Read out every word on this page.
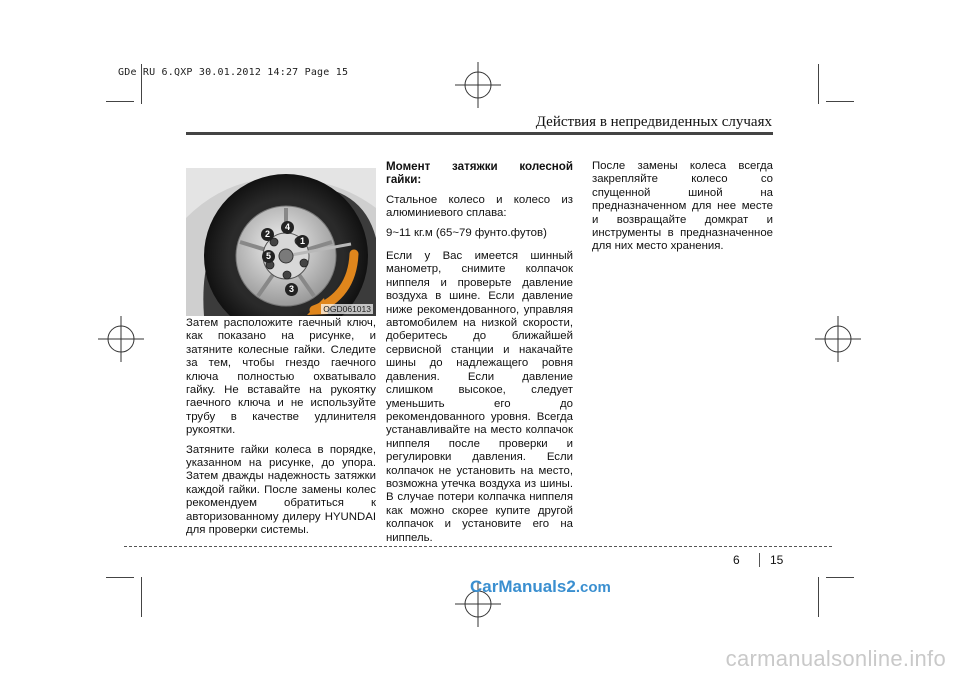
GDe RU 6.QXP 30.01.2012 14:27 Page 15
Действия в непредвиденных случаях
1
2
3
4
5
OGD061013

Затем расположите гаечный ключ, как показано на рисунке, и затяните колесные гайки. Следите за тем, чтобы гнездо гаечного ключа полностью охватывало гайку. Не вставайте на рукоятку гаечного ключа и не используйте трубу в качестве удлинителя рукоятки.

Затяните гайки колеса в порядке, указанном на рисунке, до упора. Затем дважды надежность затяжки каждой гайки. После замены колес рекомендуем обратиться к авторизованному дилеру HYUNDAI для проверки системы.

Момент затяжки колесной гайки:

Стальное колесо и колесо из алюминиевого сплава:

9~11 кг.м (65~79 фунто.футов)

Если у Вас имеется шинный манометр, снимите колпачок ниппеля и проверьте давление воздуха в шине. Если давление ниже рекомендованного, управляя автомобилем на низкой скорости, доберитесь до ближайшей сервисной станции и накачайте шины до надлежащего ровня давления. Если давление слишком высокое, следует уменьшить его до рекомендованного уровня. Всегда устанавливайте на место колпачок ниппеля после проверки и регулировки давления. Если колпачок не установить на место, возможна утечка воздуха из шины. В случае потери колпачка ниппеля как можно скорее купите другой колпачок и установите его на ниппель.

После замены колеса всегда закрепляйте колесо со спущенной шиной на предназначенном для нее месте и возвращайте домкрат и инструменты в предназначенное для них место хранения.

6	15
CarManuals2.com
carmanualsonline.info
